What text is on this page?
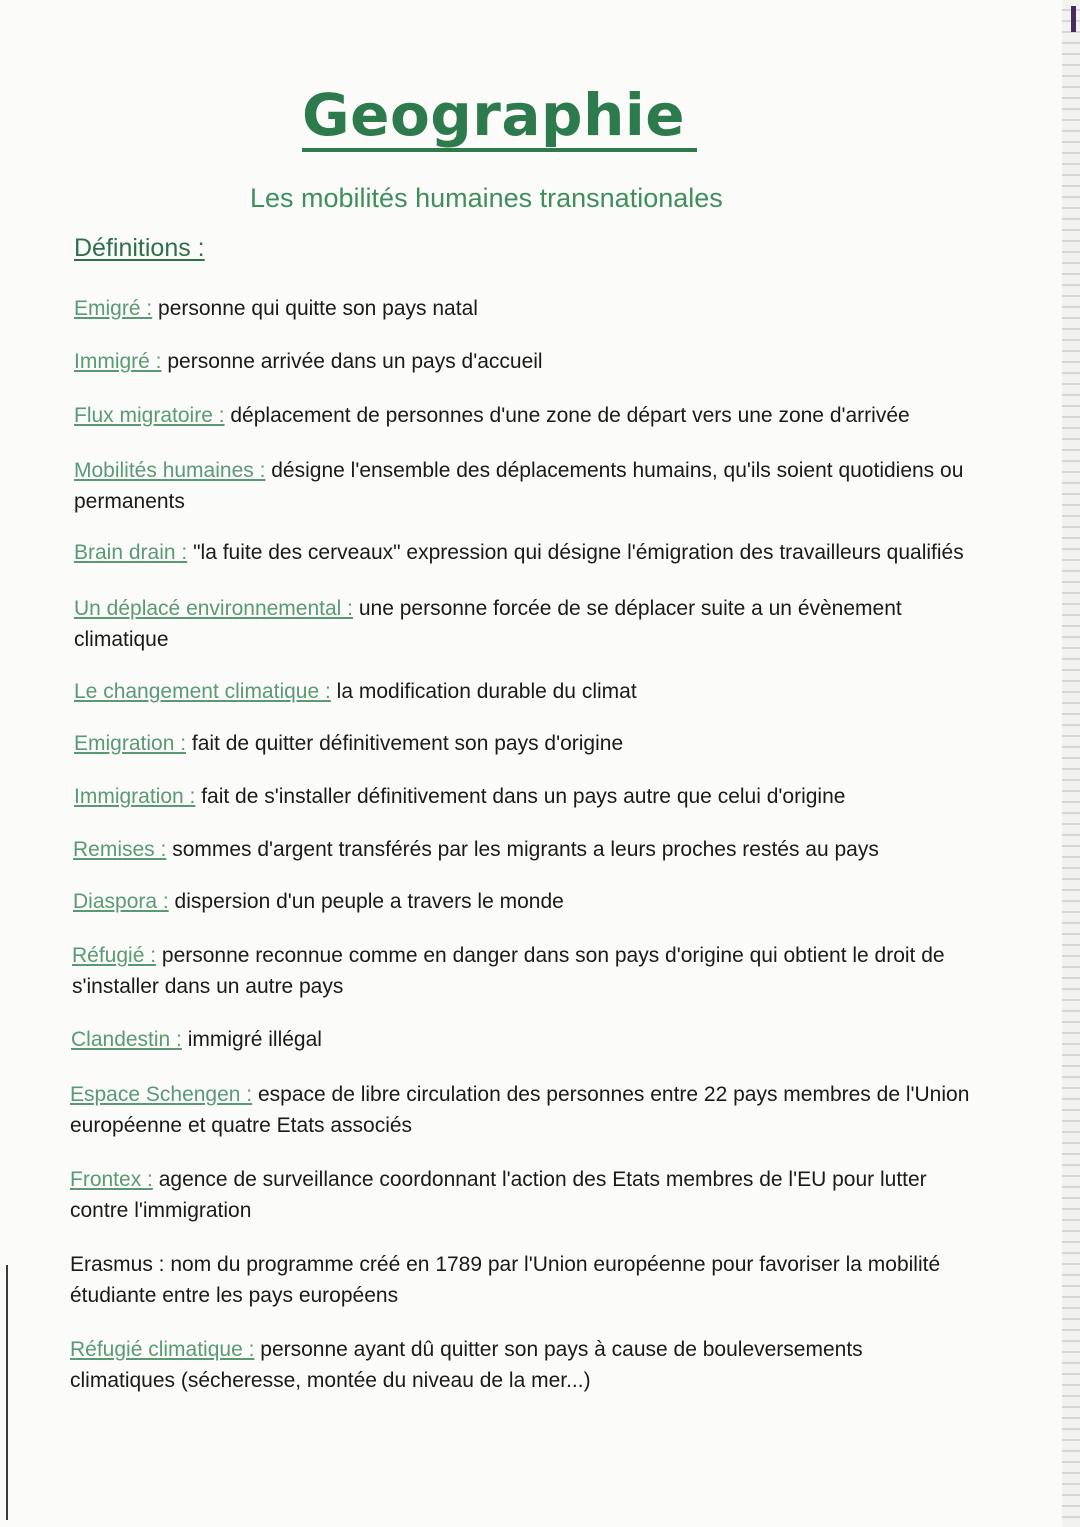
Geographie
Les mobilités humaines transnationales
Définitions :
Emigré : personne qui quitte son pays natal
Immigré : personne arrivée dans un pays d'accueil
Flux migratoire : déplacement de personnes d'une zone de départ vers une zone d'arrivée
Mobilités humaines : désigne l'ensemble des déplacements humains, qu'ils soient quotidiens ou permanents
Brain drain : "la fuite des cerveaux" expression qui désigne l'émigration des travailleurs qualifiés
Un déplacé environnemental : une personne forcée de se déplacer suite a un évènement climatique
Le changement climatique : la modification durable du climat
Emigration : fait de quitter définitivement son pays d'origine
Immigration : fait de s'installer définitivement dans un pays autre que celui d'origine
Remises : sommes d'argent transférés par les migrants a leurs proches restés au pays
Diaspora : dispersion d'un peuple a travers le monde
Réfugié : personne reconnue comme en danger dans son pays d'origine qui obtient le droit de s'installer dans un autre pays
Clandestin : immigré illégal
Espace Schengen : espace de libre circulation des personnes entre 22 pays membres de l'Union européenne et quatre Etats associés
Frontex : agence de surveillance coordonnant l'action des Etats membres de l'EU pour lutter contre l'immigration
Erasmus : nom du programme créé en 1789 par l'Union européenne pour favoriser la mobilité étudiante entre les pays européens
Réfugié climatique : personne ayant dû quitter son pays à cause de bouleversements climatiques (sécheresse, montée du niveau de la mer...)
